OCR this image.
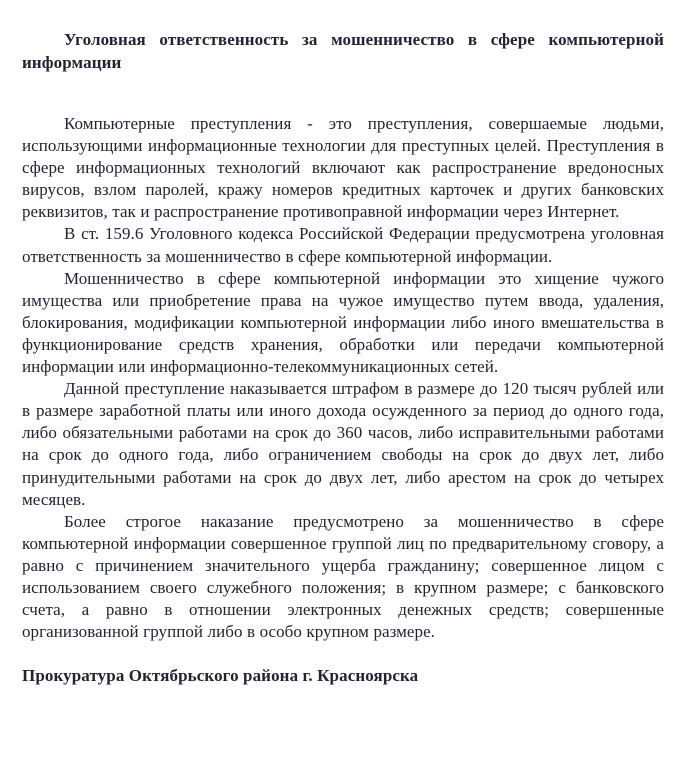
Уголовная ответственность за мошенничество в сфере компьютерной информации

Компьютерные преступления - это преступления, совершаемые людьми, использующими информационные технологии для преступных целей. Преступления в сфере информационных технологий включают как распространение вредоносных вирусов, взлом паролей, кражу номеров кредитных карточек и других банковских реквизитов, так и распространение противоправной информации через Интернет.

В ст. 159.6 Уголовного кодекса Российской Федерации предусмотрена уголовная ответственность за мошенничество в сфере компьютерной информации.

Мошенничество в сфере компьютерной информации это хищение чужого имущества или приобретение права на чужое имущество путем ввода, удаления, блокирования, модификации компьютерной информации либо иного вмешательства в функционирование средств хранения, обработки или передачи компьютерной информации или информационно-телекоммуникационных сетей.

Данной преступление наказывается штрафом в размере до 120 тысяч рублей или в размере заработной платы или иного дохода осужденного за период до одного года, либо обязательными работами на срок до 360 часов, либо исправительными работами на срок до одного года, либо ограничением свободы на срок до двух лет, либо принудительными работами на срок до двух лет, либо арестом на срок до четырех месяцев.

Более строгое наказание предусмотрено за мошенничество в сфере компьютерной информации совершенное группой лиц по предварительному сговору, а равно с причинением значительного ущерба гражданину; совершенное лицом с использованием своего служебного положения; в крупном размере; с банковского счета, а равно в отношении электронных денежных средств; совершенные организованной группой либо в особо крупном размере.

Прокуратура Октябрьского района г. Красноярска
